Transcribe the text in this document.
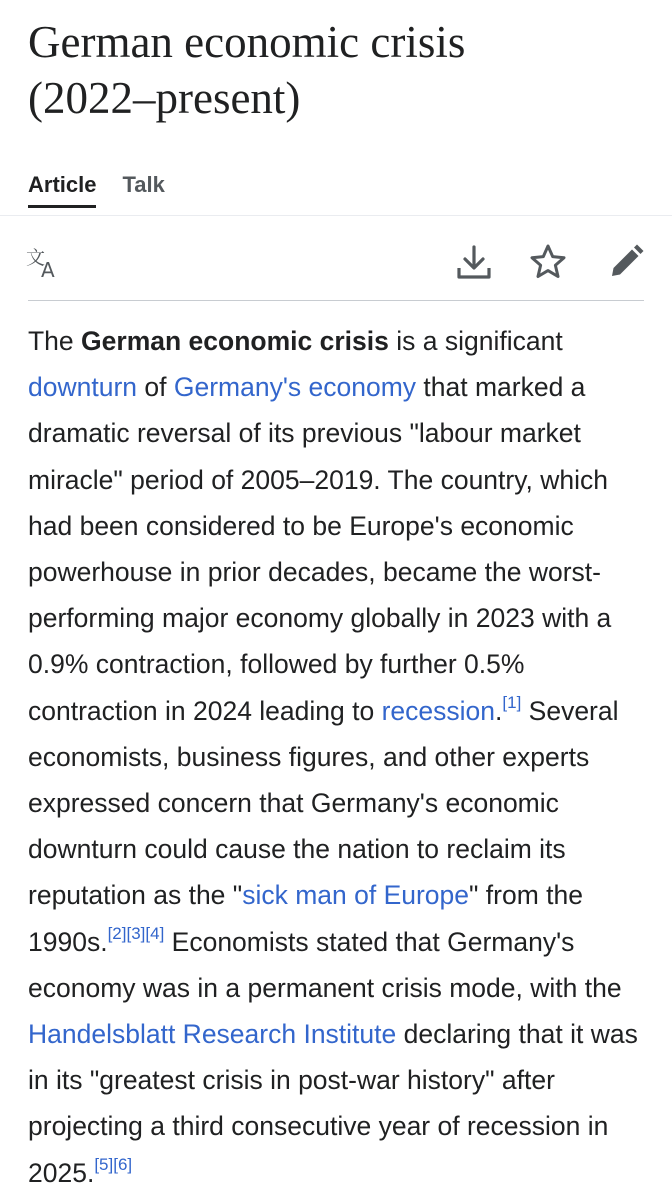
German economic crisis
(2022–present)
Article Talk
文
A

The German economic crisis is a significant downturn of Germany's economy that marked a dramatic reversal of its previous "labour market miracle" period of 2005–2019. The country, which had been considered to be Europe's economic powerhouse in prior decades, became the worst-performing major economy globally in 2023 with a 0.9% contraction, followed by further 0.5% contraction in 2024 leading to recession.[1] Several economists, business figures, and other experts expressed concern that Germany's economic downturn could cause the nation to reclaim its reputation as the "sick man of Europe" from the 1990s.[2][3][4] Economists stated that Germany's economy was in a permanent crisis mode, with the Handelsblatt Research Institute declaring that it was in its "greatest crisis in post-war history" after projecting a third consecutive year of recession in 2025.[5][6]
